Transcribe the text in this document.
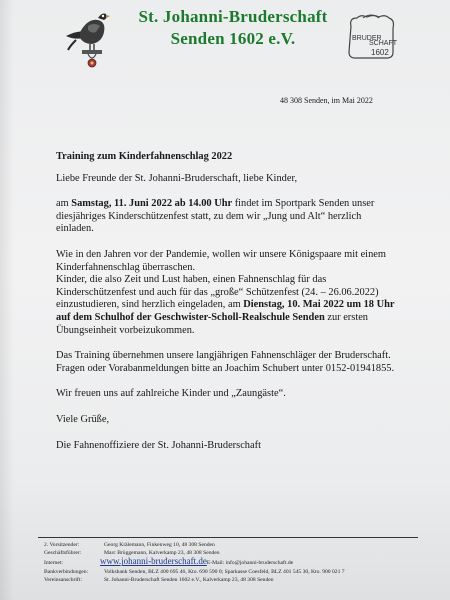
St. Johanni-Bruderschaft
Senden 1602 e.V.	BRUDER
SCHAFT
1602
48 308 Senden, im Mai 2022

Training zum Kinderfahnenschlag 2022

Liebe Freunde der St. Johanni-Bruderschaft, liebe Kinder,

am Samstag, 11. Juni 2022 ab 14.00 Uhr findet im Sportpark Senden unser diesjähriges Kinderschützenfest statt, zu dem wir „Jung und Alt“ herzlich einladen.

Wie in den Jahren vor der Pandemie, wollen wir unsere Königspaare mit einem Kinderfahnenschlag überraschen.

Kinder, die also Zeit und Lust haben, einen Fahnenschlag für das Kinderschützenfest und auch für das „große“ Schützenfest (24. – 26.06.2022) einzustudieren, sind herzlich eingeladen, am Dienstag, 10. Mai 2022 um 18 Uhr auf dem Schulhof der Geschwister-Scholl-Realschule Senden zur ersten Übungseinheit vorbeizukommen.

Das Training übernehmen unsere langjährigen Fahnenschläger der Bruderschaft. Fragen oder Vorabanmeldungen bitte an Joachim Schubert unter 0152-01941855.

Wir freuen uns auf zahlreiche Kinder und „Zaungäste“.

Viele Grüße,

Die Fahnenoffiziere der St. Johanni-Bruderschaft

2. Vorsitzender:	Georg Krälemann, Finkenweg 10, 48 308 Senden
Geschäftsführer:	Marc Brüggemann, Kalverkamp 23, 48 308 Senden
Internet:	www.johanni-bruderschaft.de E-Mail: info@johanni-bruderschaft.de
Bankverbindungen:	Volksbank Senden, BLZ 400 695 46, Kto. 690 590 0; Sparkasse Coesfeld, BLZ 401 545 30, Kto. 900 021 7
Vereinsanschrift:	St. Johanni-Bruderschaft Senden 1602 e.V., Kalverkamp 23, 48 308 Senden
